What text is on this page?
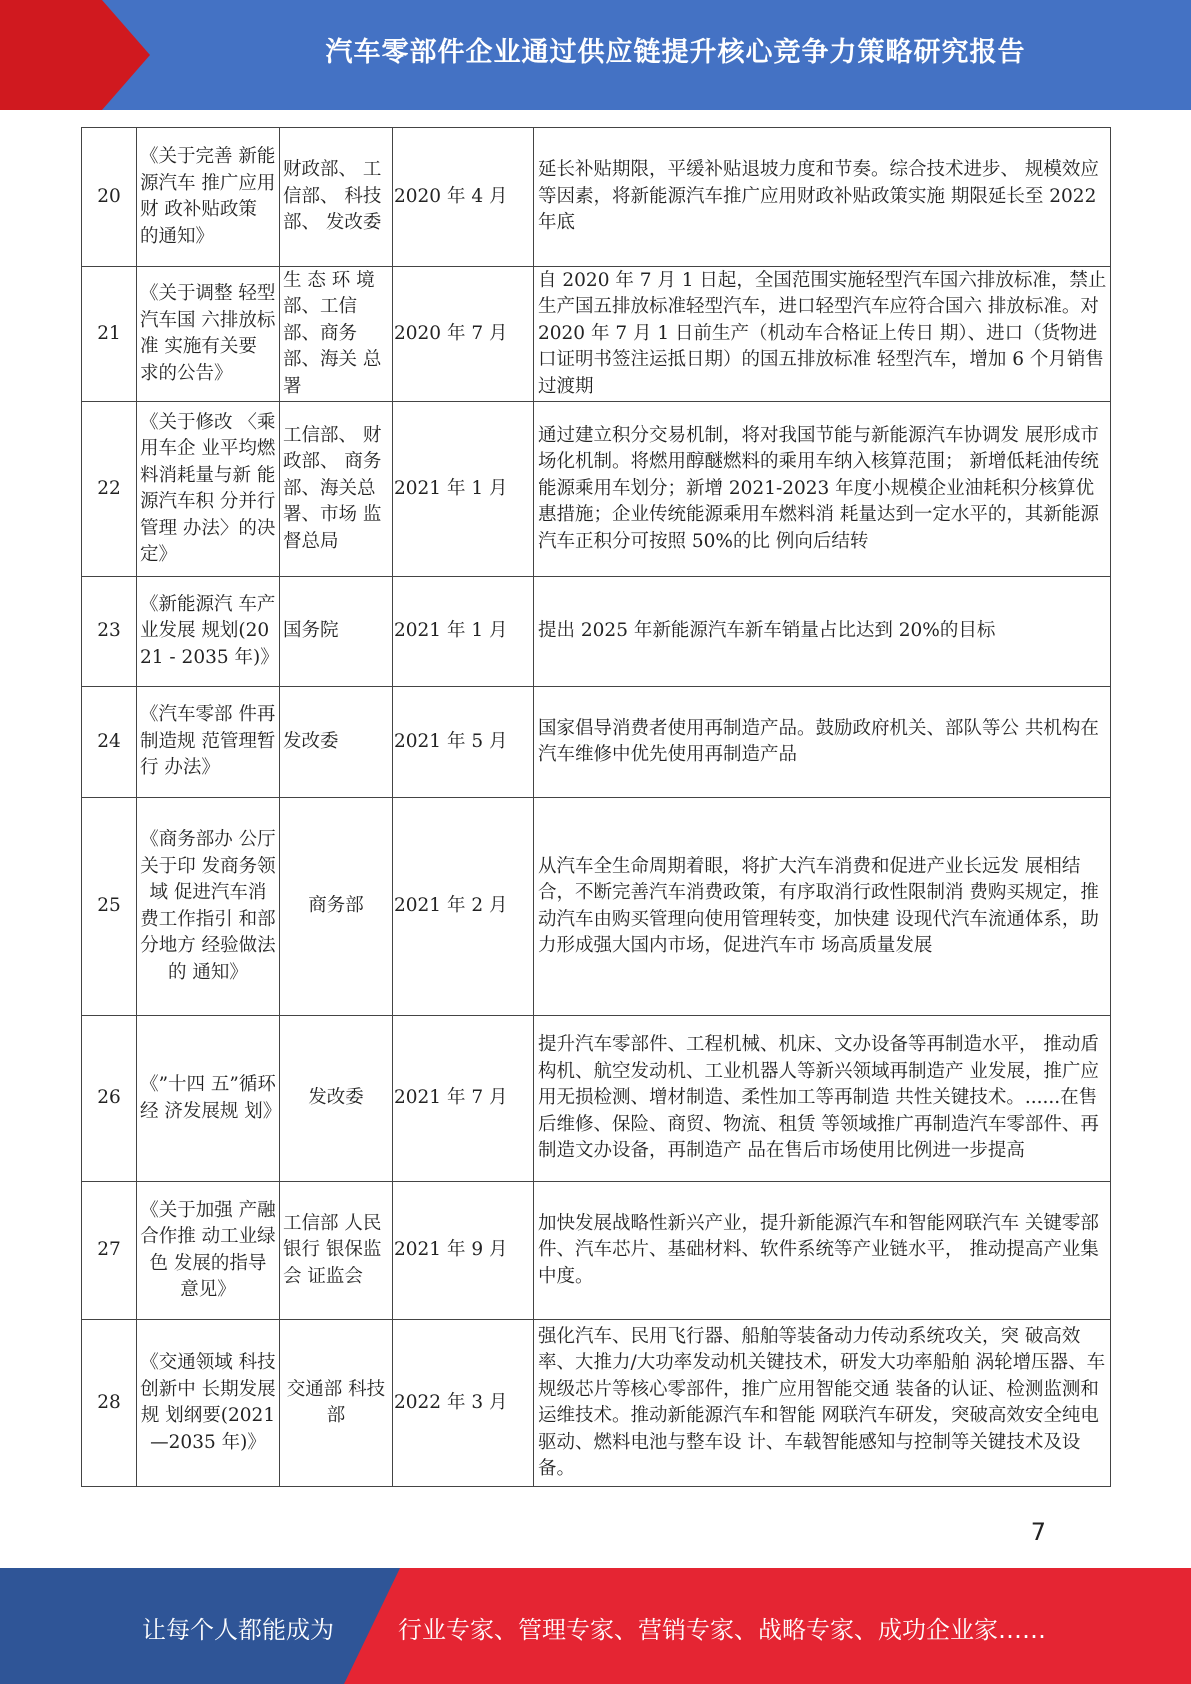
汽车零部件企业通过供应链提升核心竞争力策略研究报告
20	《关于完善 新能源汽车 推广应用财 政补贴政策 的通知》	财政部、 工信部、 科技部、 发改委	2020 年 4 月		延长补贴期限，平缓补贴退坡力度和节奏。综合技术进步、 规模效应等因素，将新能源汽车推广应用财政补贴政策实施 期限延长至 2022 年底
21	《关于调整 轻型汽车国 六排放标准 实施有关要 求的公告》	生 态 环 境 部、工信 部、商务 部、海关 总署	2020 年 7 月		自 2020 年 7 月 1 日起，全国范围实施轻型汽车国六排放标准，禁止生产国五排放标准轻型汽车，进口轻型汽车应符合国六 排放标准。对 2020 年 7 月 1 日前生产（机动车合格证上传日 期）、进口（货物进口证明书签注运抵日期）的国五排放标准 轻型汽车，增加 6 个月销售过渡期
22	《关于修改 〈乘用车企 业平均燃料消耗量与新 能源汽车积 分并行管理 办法〉的决 定》	工信部、 财政部、 商务部、海关总署、市场 监督总局	2021 年 1 月		通过建立积分交易机制，将对我国节能与新能源汽车协调发 展形成市场化机制。将燃用醇醚燃料的乘用车纳入核算范围； 新增低耗油传统能源乘用车划分；新增 2021-2023 年度小规模企业油耗积分核算优惠措施；企业传统能源乘用车燃料消 耗量达到一定水平的，其新能源汽车正积分可按照 50%的比 例向后结转
23	《新能源汽 车产业发展 规划(2021 - 2035 年)》	国务院	2021 年 1 月		提出 2025 年新能源汽车新车销量占比达到 20%的目标
24	《汽车零部 件再制造规 范管理暂行 办法》	发改委	2021 年 5 月		国家倡导消费者使用再制造产品。鼓励政府机关、部队等公 共机构在汽车维修中优先使用再制造产品
25	《商务部办 公厅关于印 发商务领域 促进汽车消 费工作指引 和部分地方 经验做法的 通知》	商务部	2021 年 2 月		从汽车全生命周期着眼，将扩大汽车消费和促进产业长远发 展相结合，不断完善汽车消费政策，有序取消行政性限制消 费购买规定，推动汽车由购买管理向使用管理转变，加快建 设现代汽车流通体系，助力形成强大国内市场，促进汽车市 场高质量发展
26	《”十四 五”循环经 济发展规 划》	发改委	2021 年 7 月		提升汽车零部件、工程机械、机床、文办设备等再制造水平， 推动盾构机、航空发动机、工业机器人等新兴领域再制造产 业发展，推广应用无损检测、增材制造、柔性加工等再制造 共性关键技术。......在售后维修、保险、商贸、物流、租赁 等领域推广再制造汽车零部件、再制造文办设备，再制造产 品在售后市场使用比例进一步提高
27	《关于加强 产融合作推 动工业绿色 发展的指导 意见》	工信部 人民银行 银保监会 证监会	2021 年 9 月		加快发展战略性新兴产业，提升新能源汽车和智能网联汽车 关键零部件、汽车芯片、基础材料、软件系统等产业链水平， 推动提高产业集中度。
28	《交通领域 科技创新中 长期发展规 划纲要(2021—2035 年)》	交通部 科技部	2022 年 3 月		强化汽车、民用飞行器、船舶等装备动力传动系统攻关，突 破高效率、大推力/大功率发动机关键技术，研发大功率船舶 涡轮增压器、车规级芯片等核心零部件，推广应用智能交通 装备的认证、检测监测和运维技术。推动新能源汽车和智能 网联汽车研发，突破高效安全纯电驱动、燃料电池与整车设 计、车载智能感知与控制等关键技术及设备。
7
让每个人都能成为	行业专家、管理专家、营销专家、战略专家、成功企业家……
